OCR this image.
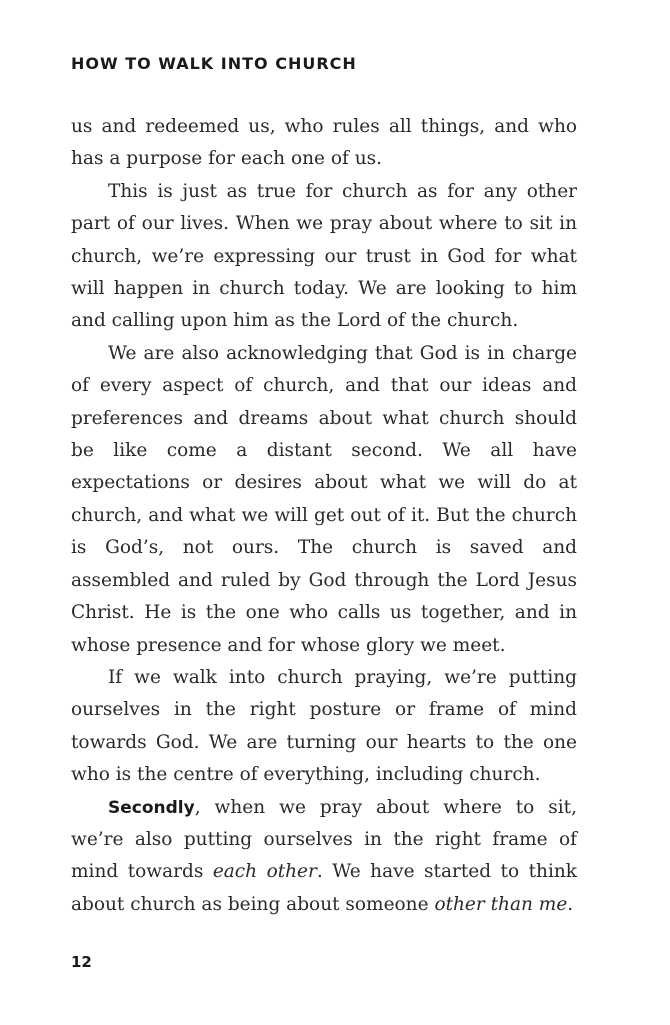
HOW TO WALK INTO CHURCH

us and redeemed us, who rules all things, and who has a purpose for each one of us.

This is just as true for church as for any other part of our lives. When we pray about where to sit in church, we’re expressing our trust in God for what will happen in church today. We are looking to him and calling upon him as the Lord of the church.

We are also acknowledging that God is in charge of every aspect of church, and that our ideas and preferences and dreams about what church should be like come a distant second. We all have expectations or desires about what we will do at church, and what we will get out of it. But the church is God’s, not ours. The church is saved and assembled and ruled by God through the Lord Jesus Christ. He is the one who calls us together, and in whose presence and for whose glory we meet.

If we walk into church praying, we’re putting ourselves in the right posture or frame of mind towards God. We are turning our hearts to the one who is the centre of everything, including church.

Secondly, when we pray about where to sit, we’re also putting ourselves in the right frame of mind towards each other. We have started to think about church as being about someone other than me.

12
